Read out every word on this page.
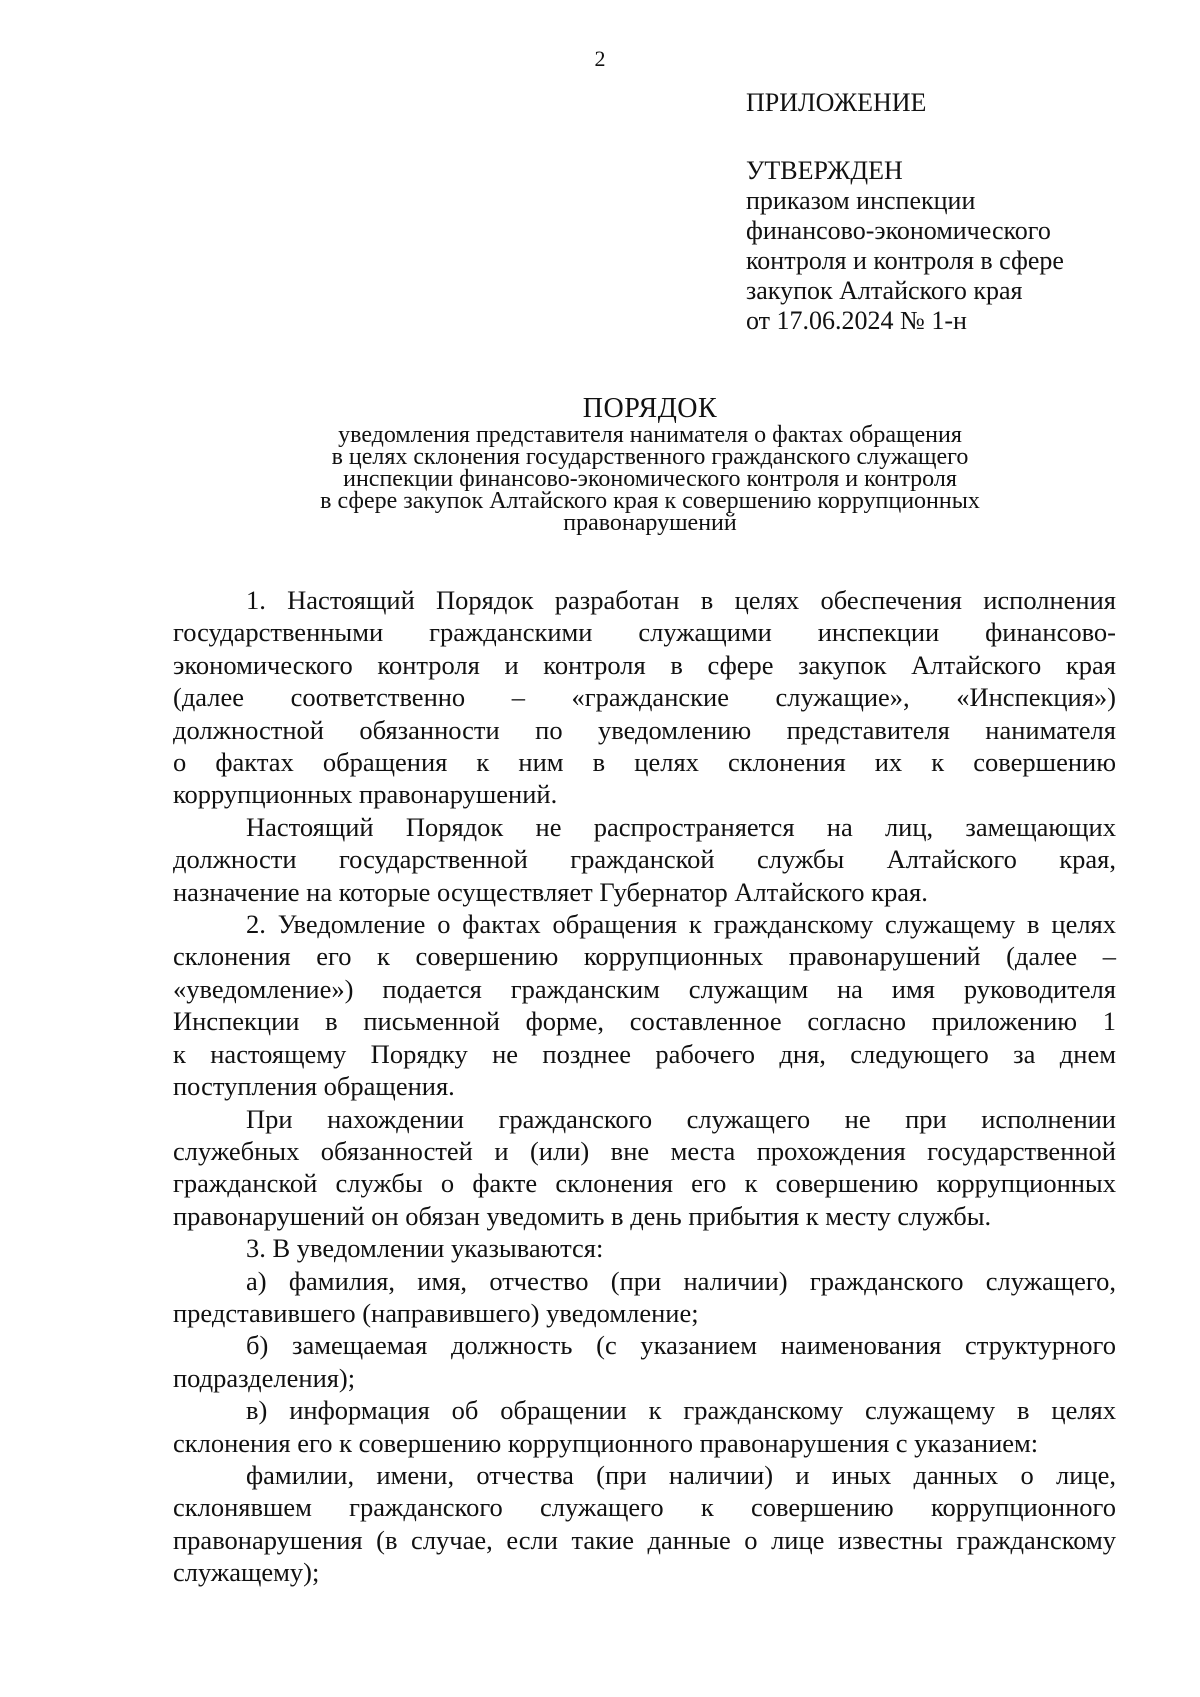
2

ПРИЛОЖЕНИЕ

УТВЕРЖДЕН
приказом инспекции
финансово-экономического
контроля и контроля в сфере
закупок Алтайского края
от 17.06.2024 № 1-н

ПОРЯДОК
уведомления представителя нанимателя о фактах обращения
в целях склонения государственного гражданского служащего
инспекции финансово-экономического контроля и контроля
в сфере закупок Алтайского края к совершению коррупционных
правонарушений

1. Настоящий Порядок разработан в целях обеспечения исполнения
государственными гражданскими служащими инспекции финансово-
экономического контроля и контроля в сфере закупок Алтайского края
(далее соответственно – «гражданские служащие», «Инспекция»)
должностной обязанности по уведомлению представителя нанимателя
о фактах обращения к ним в целях склонения их к совершению
коррупционных правонарушений.

Настоящий Порядок не распространяется на лиц, замещающих
должности государственной гражданской службы Алтайского края,
назначение на которые осуществляет Губернатор Алтайского края.

2. Уведомление о фактах обращения к гражданскому служащему в целях
склонения его к совершению коррупционных правонарушений (далее –
«уведомление») подается гражданским служащим на имя руководителя
Инспекции в письменной форме, составленное согласно приложению 1
к настоящему Порядку не позднее рабочего дня, следующего за днем
поступления обращения.

При нахождении гражданского служащего не при исполнении
служебных обязанностей и (или) вне места прохождения государственной
гражданской службы о факте склонения его к совершению коррупционных
правонарушений он обязан уведомить в день прибытия к месту службы.

3. В уведомлении указываются:

а) фамилия, имя, отчество (при наличии) гражданского служащего,
представившего (направившего) уведомление;

б) замещаемая должность (с указанием наименования структурного
подразделения);

в) информация об обращении к гражданскому служащему в целях
склонения его к совершению коррупционного правонарушения с указанием:

фамилии, имени, отчества (при наличии) и иных данных о лице,
склонявшем гражданского служащего к совершению коррупционного
правонарушения (в случае, если такие данные о лице известны гражданскому
служащему);
